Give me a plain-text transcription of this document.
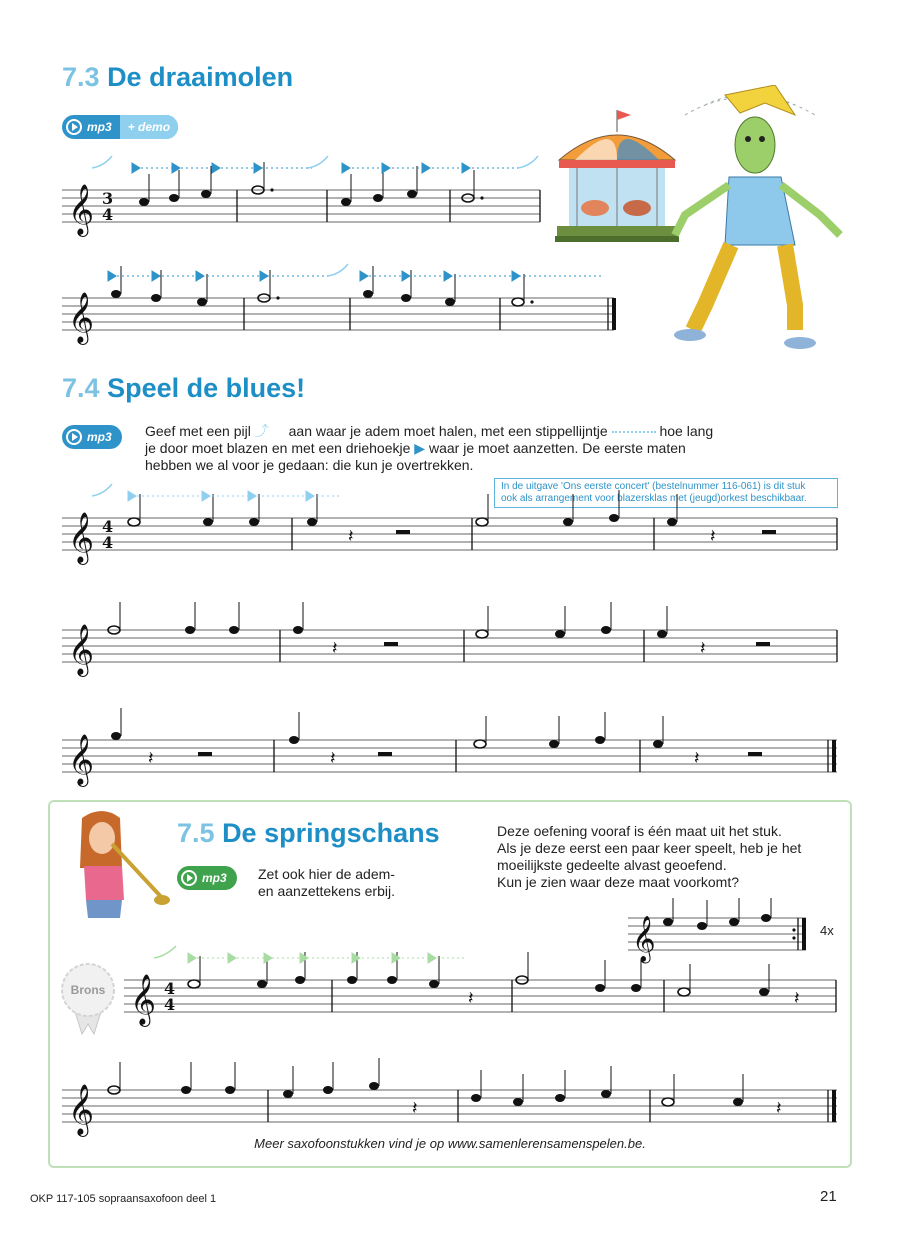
7.3 De draaimolen
mp3	+ demo
𝄞 3
4
𝄞
7.4 Speel de blues!
mp3 Geef met een pijl ⤴ aan waar je adem moet halen, met een stippellijntje	hoe lang
je door moet blazen en met een driehoekje ▶ waar je moet aanzetten. De eerste maten
hebben we al voor je gedaan: die kun je overtrekken.
In de uitgave 'Ons eerste concert' (bestelnummer 116-061) is dit stuk
ook als arrangement voor blazersklas met (jeugd)orkest beschikbaar.
𝄞 4
4	𝄽	𝄽
𝄞	𝄽	𝄽
𝄞	𝄽	𝄽	𝄽
7.5 De springschans
mp3 Zet ook hier de adem-
en aanzettekens erbij.
Deze oefening vooraf is één maat uit het stuk.
Als je deze eerst een paar keer speelt, heb je het
moeilijkste gedeelte alvast geoefend.
Kun je zien waar deze maat voorkomt?
𝄞	4x
Brons 𝄞 4
4	𝄽	𝄽
𝄞	𝄽	𝄽
Meer saxofoonstukken vind je op www.samenlerensamenspelen.be.
OKP 117-105 sopraansaxofoon deel 1	21
